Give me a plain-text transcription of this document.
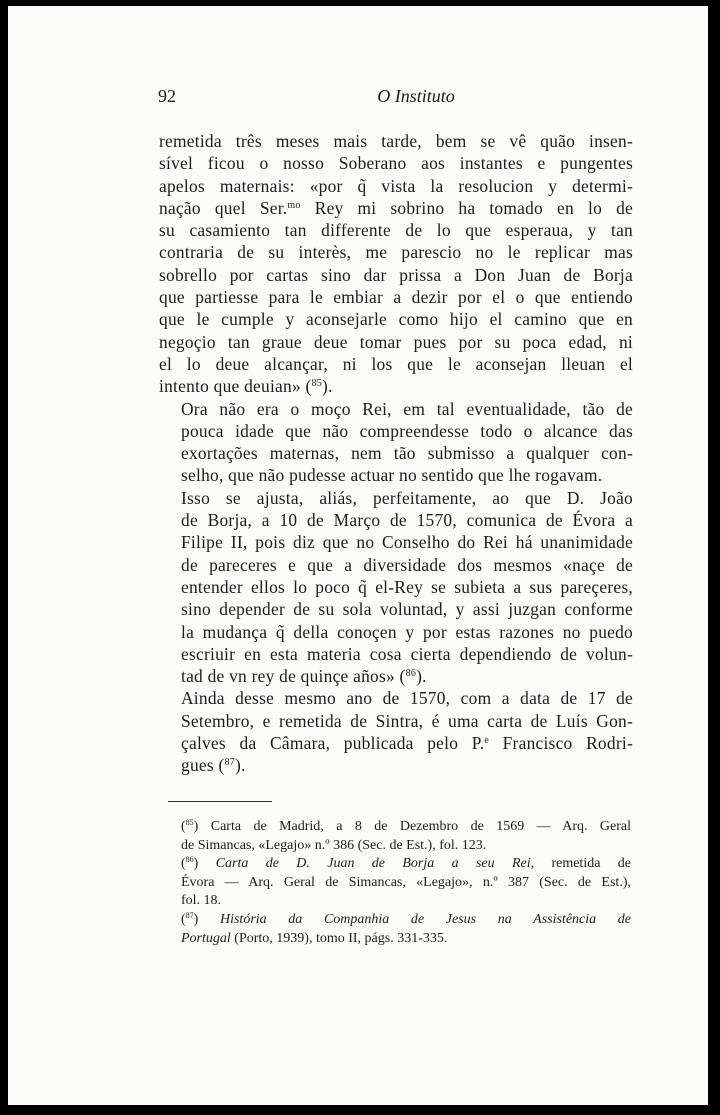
92	O Instituto

remetida três meses mais tarde, bem se vê quão insen-
sível ficou o nosso Soberano aos instantes e pungentes
apelos maternais: «por q̃ vista la resolucion y determi-
nação quel Ser.$^{mo}$ Rey mi sobrino ha tomado en lo de
su casamiento tan differente de lo que esperaua, y tan
contraria de su interès, me parescio no le replicar mas
sobrello por cartas sino dar prissa a Don Juan de Borja
que partiesse para le embiar a dezir por el o que entiendo
que le cumple y aconsejarle como hijo el camino que en
negoçio tan graue deue tomar pues por su poca edad, ni
el lo deue alcançar, ni los que le aconsejan lleuan el
intento que deuian» ($^{85}$).

Ora não era o moço Rei, em tal eventualidade, tão de
pouca idade que não compreendesse todo o alcance das
exortações maternas, nem tão submisso a qualquer con-
selho, que não pudesse actuar no sentido que lhe rogavam.

Isso se ajusta, aliás, perfeitamente, ao que D. João
de Borja, a 10 de Março de 1570, comunica de Évora a
Filipe II, pois diz que no Conselho do Rei há unanimidade
de pareceres e que a diversidade dos mesmos «naçe de
entender ellos lo poco q̃ el-Rey se subieta a sus pareçeres,
sino depender de su sola voluntad, y assi juzgan conforme
la mudança q̃ della conoçen y por estas razones no puedo
escriuir en esta materia cosa cierta dependiendo de volun-
tad de vn rey de quinçe años» ($^{86}$).

Ainda desse mesmo ano de 1570, com a data de 17 de
Setembro, e remetida de Sintra, é uma carta de Luís Gon-
çalves da Câmara, publicada pelo P.$^e$ Francisco Rodri-
gues ($^{87}$).

($^{85}$) Carta de Madrid, a 8 de Dezembro de 1569 — Arq. Geral
de Simancas, «Legajo» n.º 386 (Sec. de Est.), fol. 123.

($^{86}$) Carta de D. Juan de Borja a seu Rei, remetida de
Évora — Arq. Geral de Simancas, «Legajo», n.º 387 (Sec. de Est.),
fol. 18.

($^{87}$) História da Companhia de Jesus na Assistência de
Portugal (Porto, 1939), tomo II, págs. 331-335.
